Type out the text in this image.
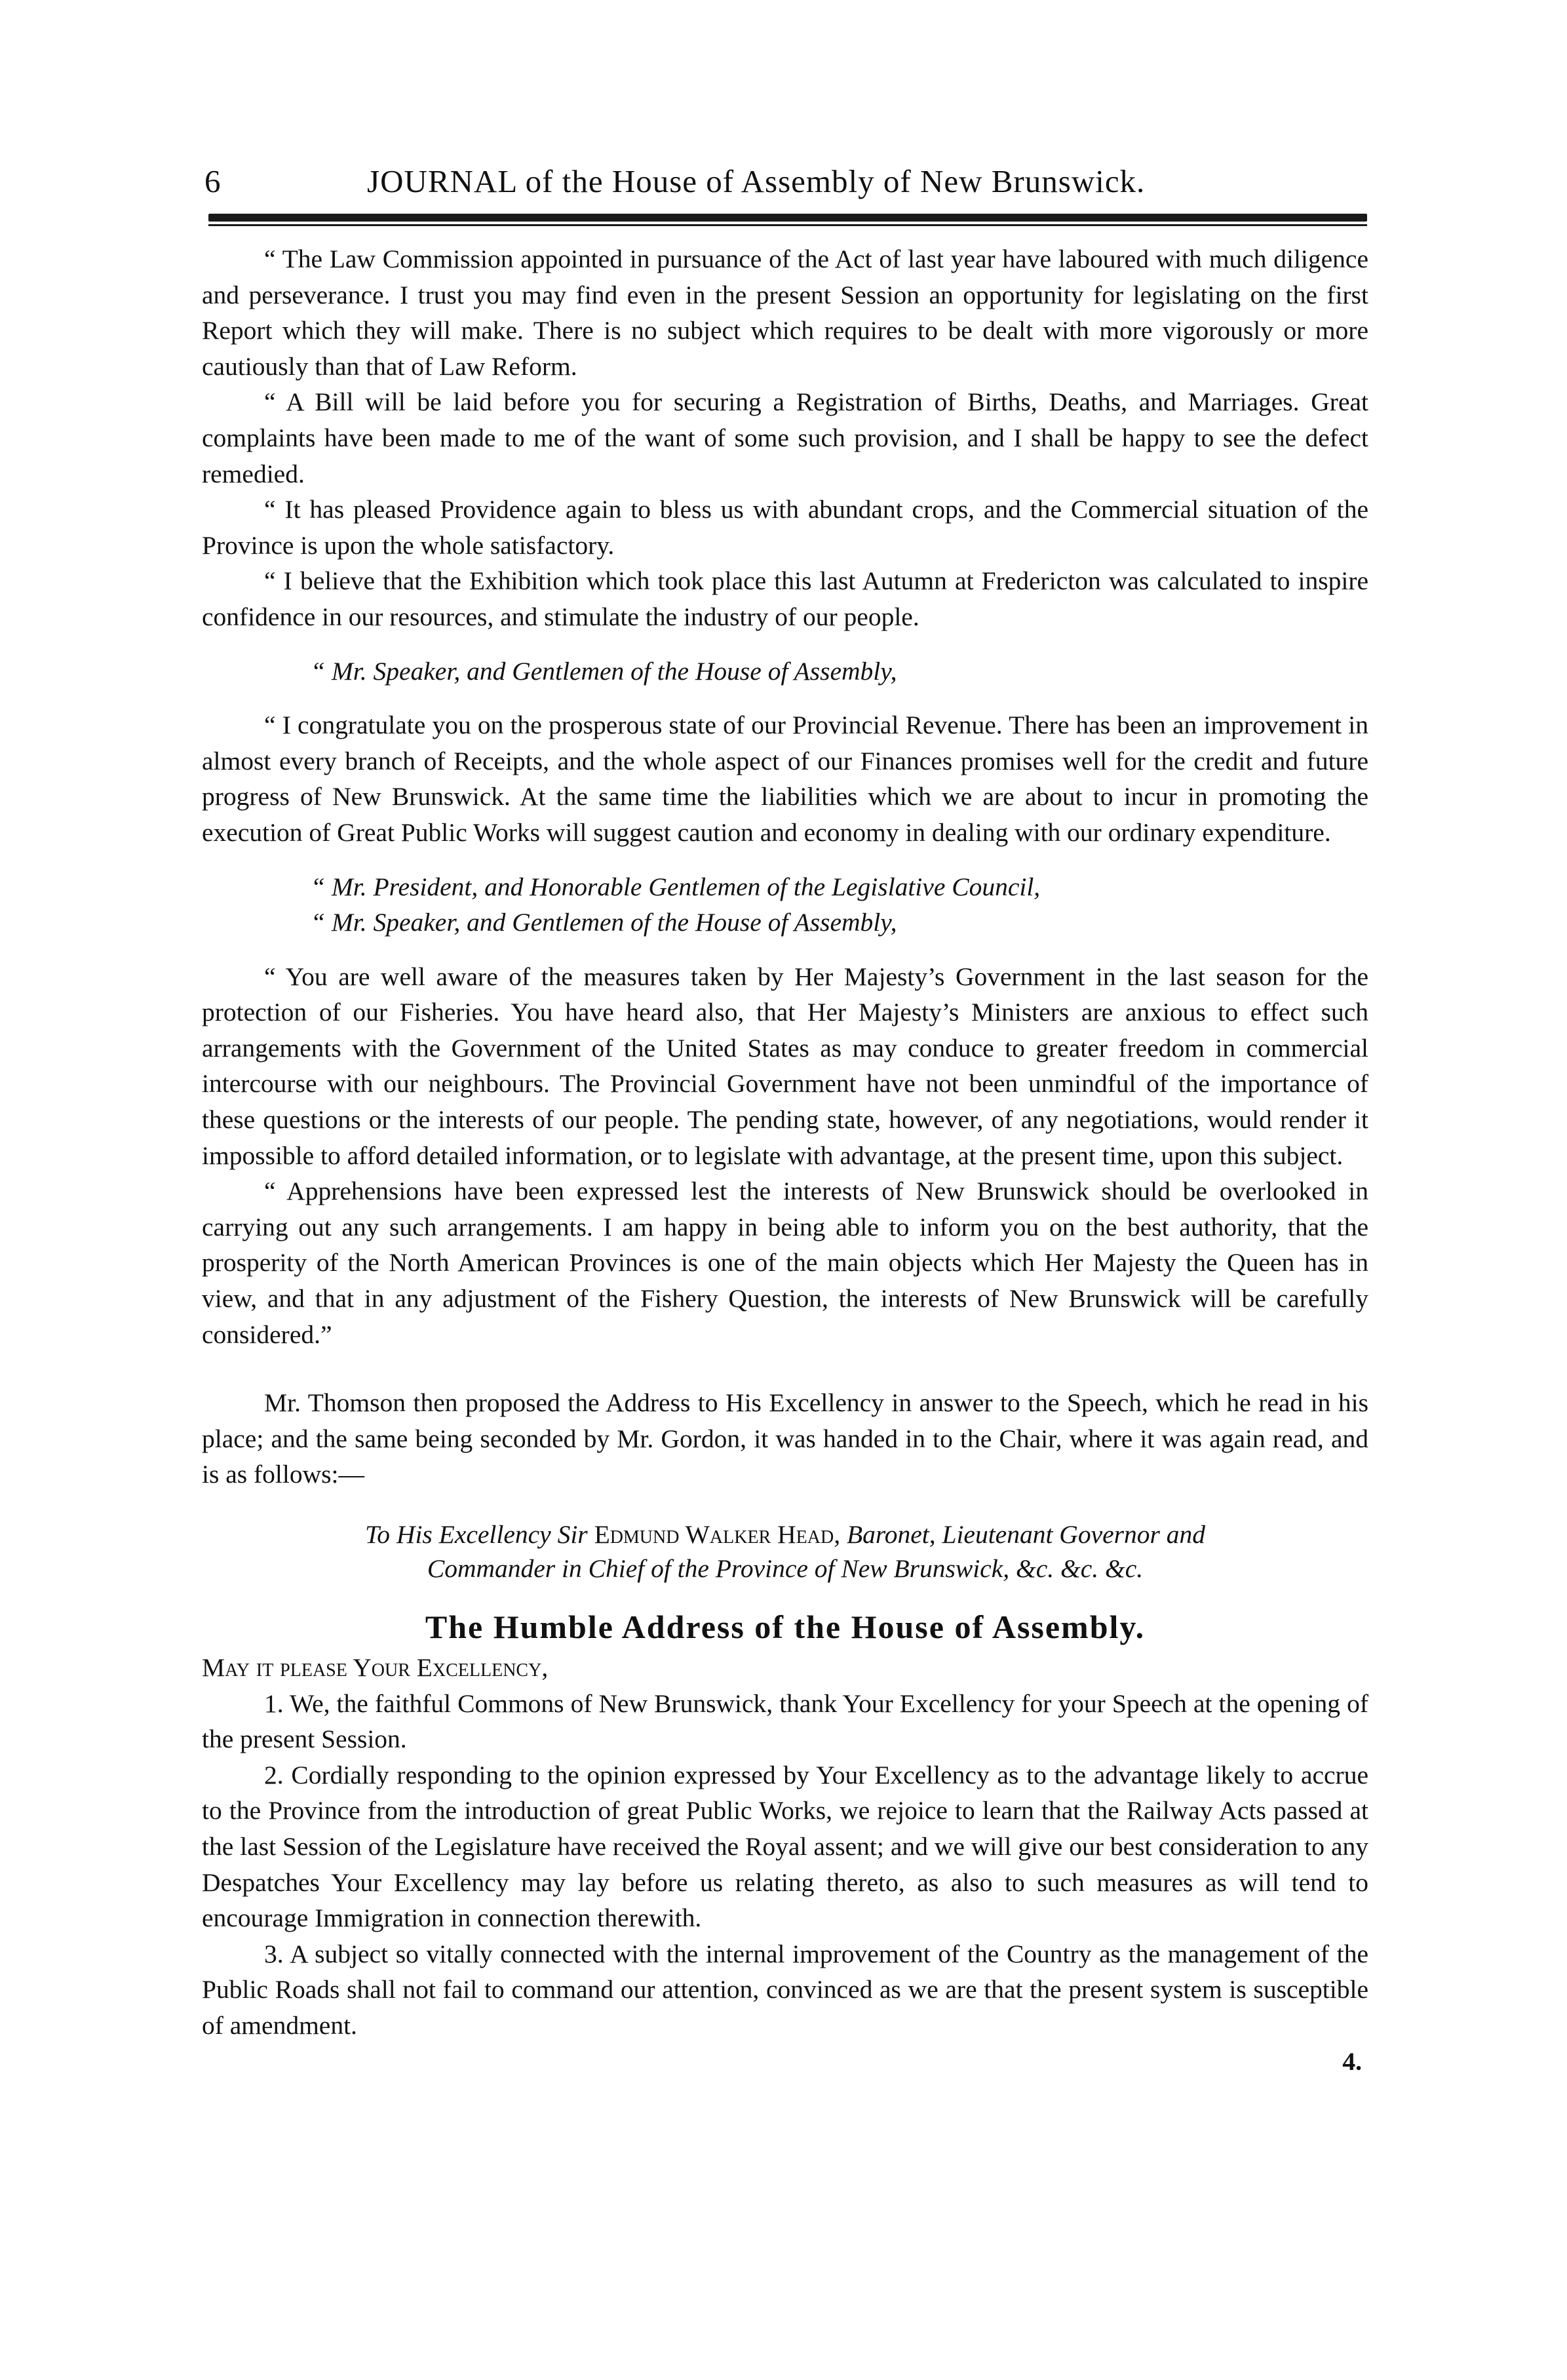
6	JOURNAL of the House of Assembly of New Brunswick.

“ The Law Commission appointed in pursuance of the Act of last year have laboured with much diligence and perseverance. I trust you may find even in the present Session an opportunity for legislating on the first Report which they will make. There is no subject which requires to be dealt with more vigorously or more cautiously than that of Law Reform.

“ A Bill will be laid before you for securing a Registration of Births, Deaths, and Marriages. Great complaints have been made to me of the want of some such provision, and I shall be happy to see the defect remedied.

“ It has pleased Providence again to bless us with abundant crops, and the Commercial situation of the Province is upon the whole satisfactory.

“ I believe that the Exhibition which took place this last Autumn at Fredericton was calculated to inspire confidence in our resources, and stimulate the industry of our people.

“ Mr. Speaker, and Gentlemen of the House of Assembly,

“ I congratulate you on the prosperous state of our Provincial Revenue. There has been an improvement in almost every branch of Receipts, and the whole aspect of our Finances promises well for the credit and future progress of New Brunswick. At the same time the liabilities which we are about to incur in promoting the execution of Great Public Works will suggest caution and economy in dealing with our ordinary expenditure.

“ Mr. President, and Honorable Gentlemen of the Legislative Council,

“ Mr. Speaker, and Gentlemen of the House of Assembly,

“ You are well aware of the measures taken by Her Majesty’s Government in the last season for the protection of our Fisheries. You have heard also, that Her Majesty’s Ministers are anxious to effect such arrangements with the Government of the United States as may conduce to greater freedom in commercial intercourse with our neighbours. The Provincial Government have not been unmindful of the importance of these questions or the interests of our people. The pending state, however, of any negotiations, would render it impossible to afford detailed information, or to legislate with advantage, at the present time, upon this subject.

“ Apprehensions have been expressed lest the interests of New Brunswick should be overlooked in carrying out any such arrangements. I am happy in being able to inform you on the best authority, that the prosperity of the North American Provinces is one of the main objects which Her Majesty the Queen has in view, and that in any adjustment of the Fishery Question, the interests of New Brunswick will be carefully considered.”

Mr. Thomson then proposed the Address to His Excellency in answer to the Speech, which he read in his place; and the same being seconded by Mr. Gordon, it was handed in to the Chair, where it was again read, and is as follows:—

To His Excellency Sir Edmund Walker Head, Baronet, Lieutenant Governor and

Commander in Chief of the Province of New Brunswick, &c. &c. &c.

The Humble Address of the House of Assembly.

May it please Your Excellency,

1. We, the faithful Commons of New Brunswick, thank Your Excellency for your Speech at the opening of the present Session.

2. Cordially responding to the opinion expressed by Your Excellency as to the advantage likely to accrue to the Province from the introduction of great Public Works, we rejoice to learn that the Railway Acts passed at the last Session of the Legislature have received the Royal assent; and we will give our best consideration to any Despatches Your Excellency may lay before us relating thereto, as also to such measures as will tend to encourage Immigration in connection therewith.

3. A subject so vitally connected with the internal improvement of the Country as the management of the Public Roads shall not fail to command our attention, convinced as we are that the present system is susceptible of amendment.

4.
